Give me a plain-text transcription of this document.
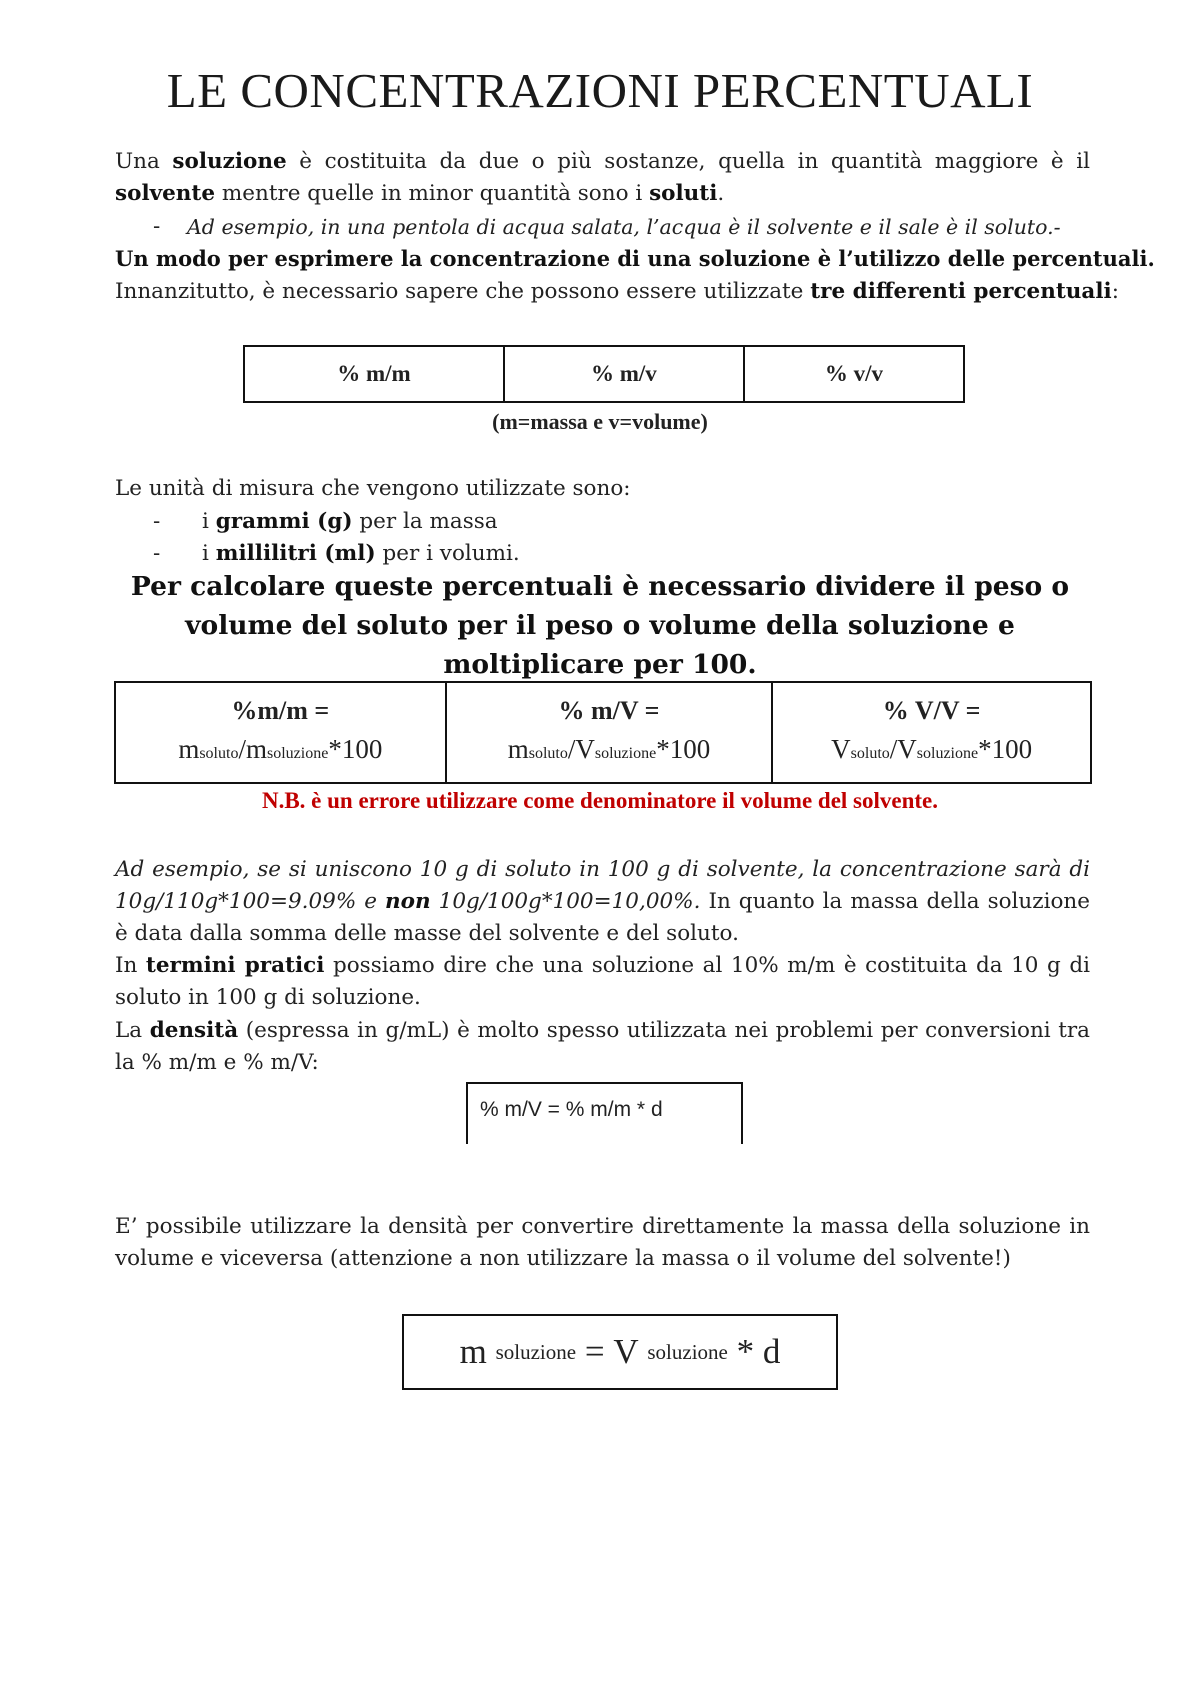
LE CONCENTRAZIONI PERCENTUALI

Una soluzione è costituita da due o più sostanze, quella in quantità maggiore è il solvente mentre quelle in minor quantità sono i soluti.

- Ad esempio, in una pentola di acqua salata, l’acqua è il solvente e il sale è il soluto.-
Un modo per esprimere la concentrazione di una soluzione è l’utilizzo delle percentuali.
Innanzitutto, è necessario sapere che possono essere utilizzate tre differenti percentuali:
% m/m	% m/v	% v/v
(m=massa e v=volume)
Le unità di misura che vengono utilizzate sono:
- i grammi (g) per la massa
- i millilitri (ml) per i volumi.
Per calcolare queste percentuali è necessario dividere il peso o volume del soluto per il peso o volume della soluzione e moltiplicare per 100.
%m/m =
msoluto/msoluzione*100

% m/V =
msoluto/Vsoluzione*100

% V/V =
Vsoluto/Vsoluzione*100
N.B. è un errore utilizzare come denominatore il volume del solvente.

Ad esempio, se si uniscono 10 g di soluto in 100 g di solvente, la concentrazione sarà di 10g/110g*100=9.09% e non 10g/100g*100=10,00%. In quanto la massa della soluzione è data dalla somma delle masse del solvente e del soluto.

In termini pratici possiamo dire che una soluzione al 10% m/m è costituita da 10 g di soluto in 100 g di soluzione.

La densità (espressa in g/mL) è molto spesso utilizzata nei problemi per conversioni tra la % m/m e % m/V:

% m/V = % m/m * d

E’ possibile utilizzare la densità per convertire direttamente la massa della soluzione in volume e viceversa (attenzione a non utilizzare la massa o il volume del solvente!)

m
soluzione = V
soluzione * d
